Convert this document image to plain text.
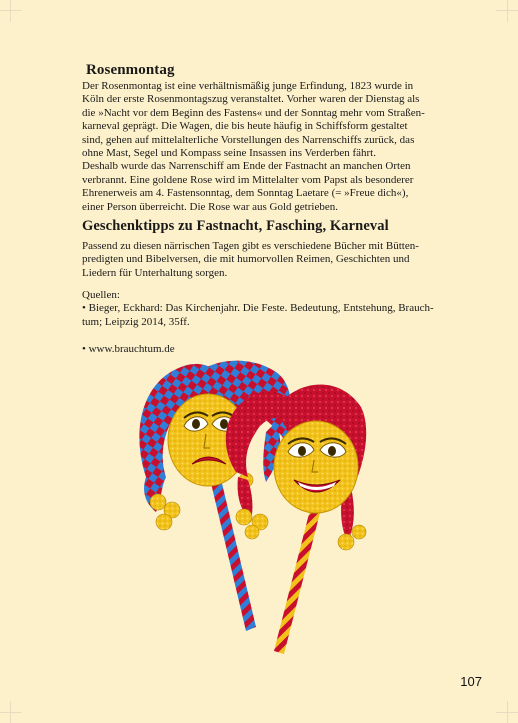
Rosenmontag
Der Rosenmontag ist eine verhältnismäßig junge Erfindung, 1823 wurde in
Köln der erste Rosenmontagszug veranstaltet. Vorher waren der Dienstag als
die »Nacht vor dem Beginn des Fastens« und der Sonntag mehr vom Straßen-
karneval geprägt. Die Wagen, die bis heute häufig in Schiffsform gestaltet
sind, gehen auf mittelalterliche Vorstellungen des Narrenschiffs zurück, das
ohne Mast, Segel und Kompass seine Insassen ins Verderben fährt.
Deshalb wurde das Narrenschiff am Ende der Fastnacht an manchen Orten
verbrannt. Eine goldene Rose wird im Mittelalter vom Papst als besonderer
Ehrenerweis am 4. Fastensonntag, dem Sonntag Laetare (= »Freue dich«),
einer Person überreicht. Die Rose war aus Gold getrieben.
Geschenktipps zu Fastnacht, Fasching, Karneval
Passend zu diesen närrischen Tagen gibt es verschiedene Bücher mit Bütten-
predigten und Bibelversen, die mit humorvollen Reimen, Geschichten und
Liedern für Unterhaltung sorgen.
Quellen:
• Bieger, Eckhard: Das Kirchenjahr. Die Feste. Bedeutung, Entstehung, Brauch-
tum; Leipzig 2014, 35ff.
• www.brauchtum.de
107
